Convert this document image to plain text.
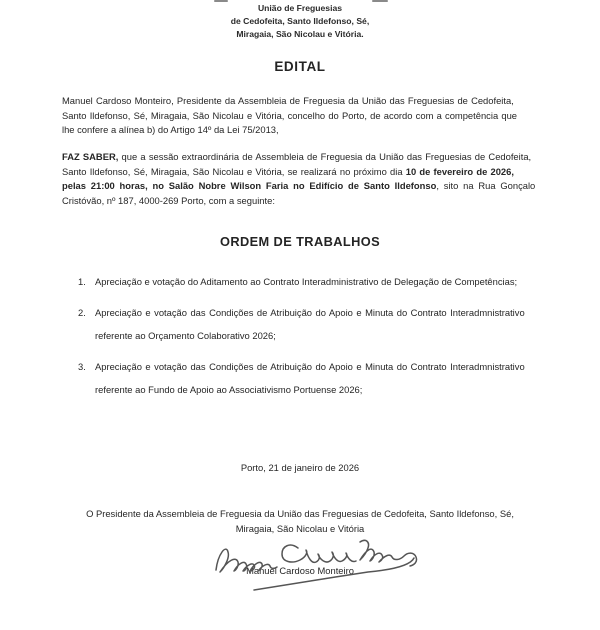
União de Freguesias
de Cedofeita, Santo Ildefonso, Sé,
Miragaia, São Nicolau e Vitória.
EDITAL
Manuel Cardoso Monteiro, Presidente da Assembleia de Freguesia da União das Freguesias de Cedofeita,
Santo Ildefonso, Sé, Miragaia, São Nicolau e Vitória, concelho do Porto, de acordo com a competência que
lhe confere a alínea b) do Artigo 14º da Lei 75/2013,
FAZ SABER, que a sessão extraordinária de Assembleia de Freguesia da União das Freguesias de Cedofeita,
Santo Ildefonso, Sé, Miragaia, São Nicolau e Vitória, se realizará no próximo dia 10 de fevereiro de 2026,
pelas 21:00 horas, no Salão Nobre Wilson Faria no Edifício de Santo Ildefonso, sito na Rua Gonçalo
Cristóvão, nº 187, 4000-269 Porto, com a seguinte:
ORDEM DE TRABALHOS
1. Apreciação e votação do Aditamento ao Contrato Interadministrativo de Delegação de Competências;
2. Apreciação e votação das Condições de Atribuição do Apoio e Minuta do Contrato Interadmnistrativo
referente ao Orçamento Colaborativo 2026;
3. Apreciação e votação das Condições de Atribuição do Apoio e Minuta do Contrato Interadmnistrativo
referente ao Fundo de Apoio ao Associativismo Portuense 2026;
Porto, 21 de janeiro de 2026
O Presidente da Assembleia de Freguesia da União das Freguesias de Cedofeita, Santo Ildefonso, Sé,
Miragaia, São Nicolau e Vitória
Manuel Cardoso Monteiro
